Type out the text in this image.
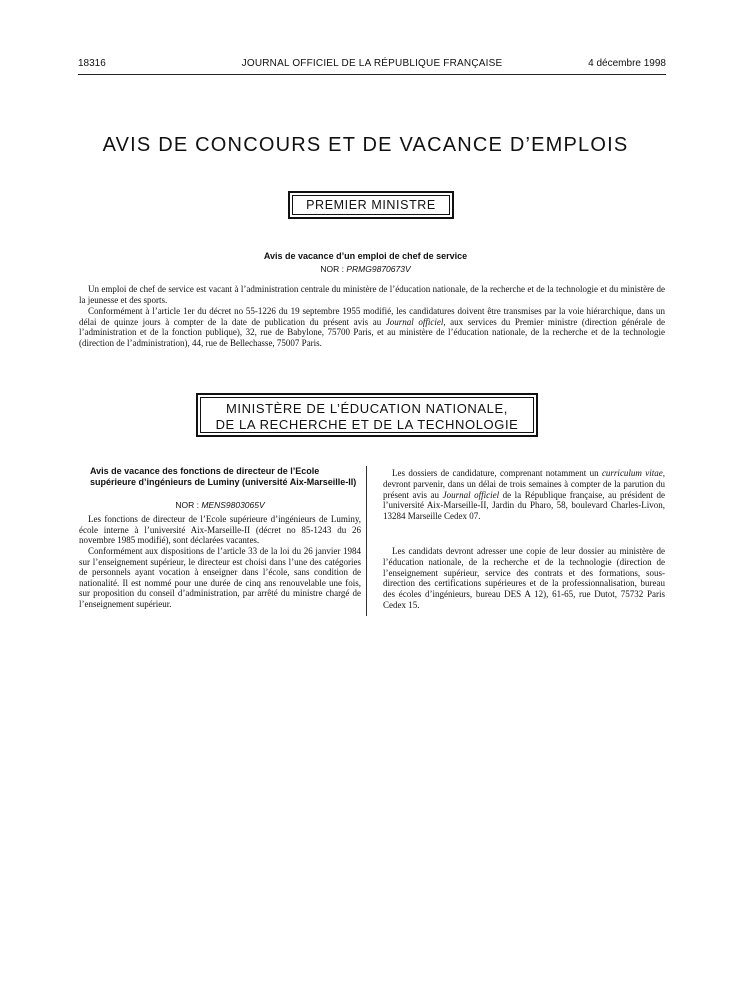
18316	JOURNAL OFFICIEL DE LA RÉPUBLIQUE FRANÇAISE	4 décembre 1998
AVIS DE CONCOURS ET DE VACANCE D’EMPLOIS
PREMIER MINISTRE
Avis de vacance d’un emploi de chef de service
NOR : PRMG9870673V

Un emploi de chef de service est vacant à l’administration centrale du ministère de l’éducation nationale, de la recherche et de la technologie et du ministère de la jeunesse et des sports.

Conformément à l’article 1er du décret no 55-1226 du 19 septembre 1955 modifié, les candidatures doivent être transmises par la voie hiérarchique, dans un délai de quinze jours à compter de la date de publication du présent avis au Journal officiel, aux services du Premier ministre (direction générale de l’administration et de la fonction publique), 32, rue de Babylone, 75700 Paris, et au ministère de l’éducation nationale, de la recherche et de la technologie (direction de l’administration), 44, rue de Bellechasse, 75007 Paris.

MINISTÈRE DE L’ÉDUCATION NATIONALE,
DE LA RECHERCHE ET DE LA TECHNOLOGIE
Avis de vacance des fonctions de directeur de l’Ecole supérieure d’ingénieurs de Luminy (université Aix-Marseille-II)
NOR : MENS9803065V

Les fonctions de directeur de l’Ecole supérieure d’ingénieurs de Luminy, école interne à l’université Aix-Marseille-II (décret no 85-1243 du 26 novembre 1985 modifié), sont déclarées vacantes.

Conformément aux dispositions de l’article 33 de la loi du 26 janvier 1984 sur l’enseignement supérieur, le directeur est choisi dans l’une des catégories de personnels ayant vocation à enseigner dans l’école, sans condition de nationalité. Il est nommé pour une durée de cinq ans renouvelable une fois, sur proposition du conseil d’administration, par arrêté du ministre chargé de l’enseignement supérieur.

Les dossiers de candidature, comprenant notamment un curriculum vitae, devront parvenir, dans un délai de trois semaines à compter de la parution du présent avis au Journal officiel de la République française, au président de l’université Aix-Marseille-II, Jardin du Pharo, 58, boulevard Charles-Livon, 13284 Marseille Cedex 07.

Les candidats devront adresser une copie de leur dossier au ministère de l’éducation nationale, de la recherche et de la technologie (direction de l’enseignement supérieur, service des contrats et des formations, sous-direction des certifications supérieures et de la professionnalisation, bureau des écoles d’ingénieurs, bureau DES A 12), 61-65, rue Dutot, 75732 Paris Cedex 15.
